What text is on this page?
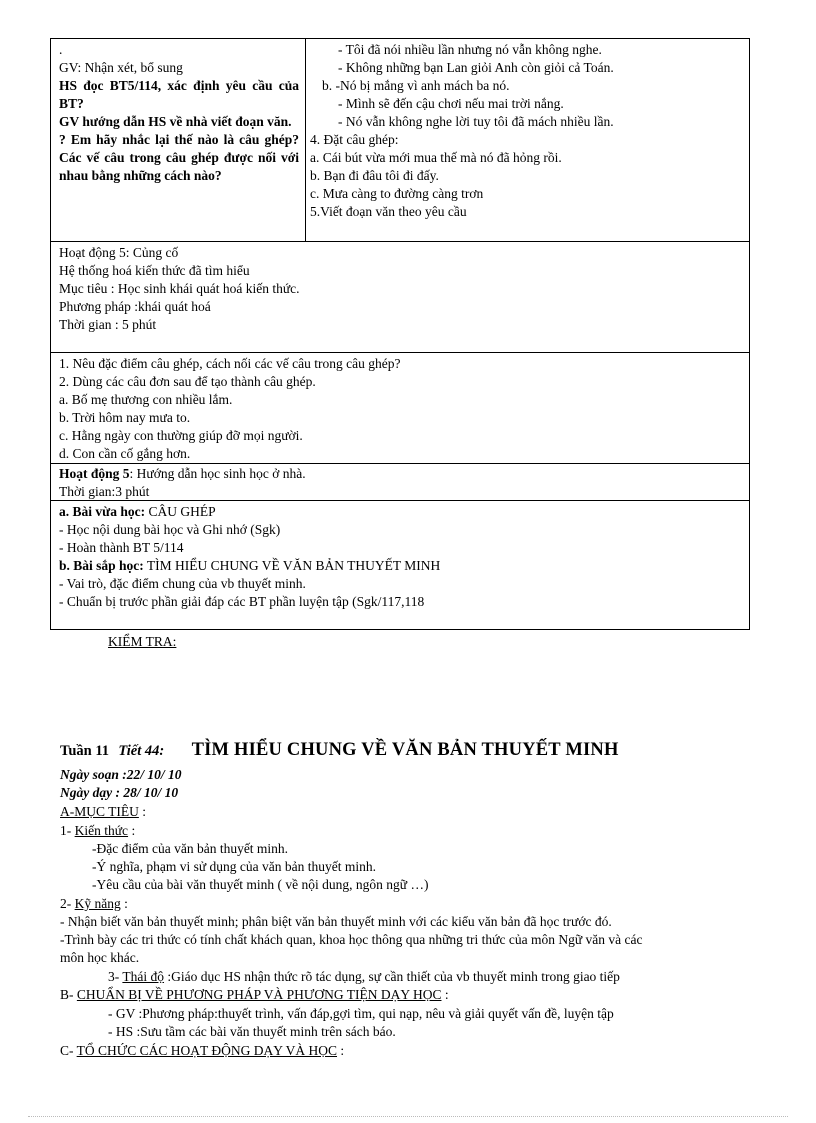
.
GV: Nhận xét, bổ sung
HS đọc BT5/114, xác định yêu cầu của BT?
GV hướng dẫn HS về nhà viết đoạn văn.
? Em hãy nhắc lại thế nào là câu ghép? Các vế câu trong câu ghép được nối với nhau bằng những cách nào?
- Tôi đã nói nhiều lần nhưng nó vẫn không nghe.
- Không những bạn Lan giỏi Anh còn giỏi cả Toán.
b. -Nó bị mắng vì anh mách ba nó.
- Mình sẽ đến cậu chơi nếu mai trời nắng.
- Nó vẫn không nghe lời tuy tôi đã mách nhiều lần.
4. Đặt câu ghép:
a. Cái bút vừa mới mua thế mà nó đã hỏng rồi.
b. Bạn đi đâu tôi đi đấy.
c. Mưa càng to đường càng trơn
5.Viết đoạn văn theo yêu cầu
Hoạt động 5: Củng cố
Hệ thống hoá kiến thức đã tìm hiểu
Mục tiêu : Học sinh khái quát hoá kiến thức.
Phương pháp :khái quát hoá
Thời gian : 5 phút
1. Nêu đặc điểm câu ghép, cách nối các vế câu trong câu ghép?
2. Dùng các câu đơn sau để tạo thành câu ghép.
a. Bố mẹ thương con nhiều lắm.
b. Trời hôm nay mưa to.
c. Hằng ngày con thường giúp đỡ mọi người.
d. Con cần cố gắng hơn.
Hoạt động 5: Hướng dẫn học sinh học ở nhà.
Thời gian:3 phút
a. Bài vừa học: CÂU GHÉP
- Học nội dung bài học và Ghi nhớ (Sgk)
- Hoàn thành BT 5/114
b. Bài sắp học: TÌM HIỂU CHUNG VỀ VĂN BẢN THUYẾT MINH
- Vai trò, đặc điểm chung của vb thuyết minh.
- Chuẩn bị trước phần giải đáp các BT phần luyện tập (Sgk/117,118
KIỂM TRA:
Tuần 11 Tiết 44: TÌM HIỂU CHUNG VỀ VĂN BẢN THUYẾT MINH
Ngày soạn :22/ 10/ 10
Ngày dạy : 28/ 10/ 10
A-MỤC TIÊU :
1- Kiến thức :
-Đặc điểm của văn bản thuyết minh.
-Ý nghĩa, phạm vi sử dụng của văn bản thuyết minh.
-Yêu cầu của bài văn thuyết minh ( về nội dung, ngôn ngữ …)
2- Kỹ năng :
- Nhận biết văn bản thuyết minh; phân biệt văn bản thuyết minh với các kiểu văn bản đã học trước đó.
-Trình bày các tri thức có tính chất khách quan, khoa học thông qua những tri thức của môn Ngữ văn và các
môn học khác.
3- Thái độ :Giáo dục HS nhận thức rõ tác dụng, sự cần thiết của vb thuyết minh trong giao tiếp
B- CHUẨN BỊ VỀ PHƯƠNG PHÁP VÀ PHƯƠNG TIỆN DẠY HỌC :
- GV :Phương pháp:thuyết trình, vấn đáp,gợi tìm, qui nạp, nêu và giải quyết vấn đề, luyện tập
- HS :Sưu tầm các bài văn thuyết minh trên sách báo.
C- TỔ CHỨC CÁC HOẠT ĐỘNG DẠY VÀ HỌC :
